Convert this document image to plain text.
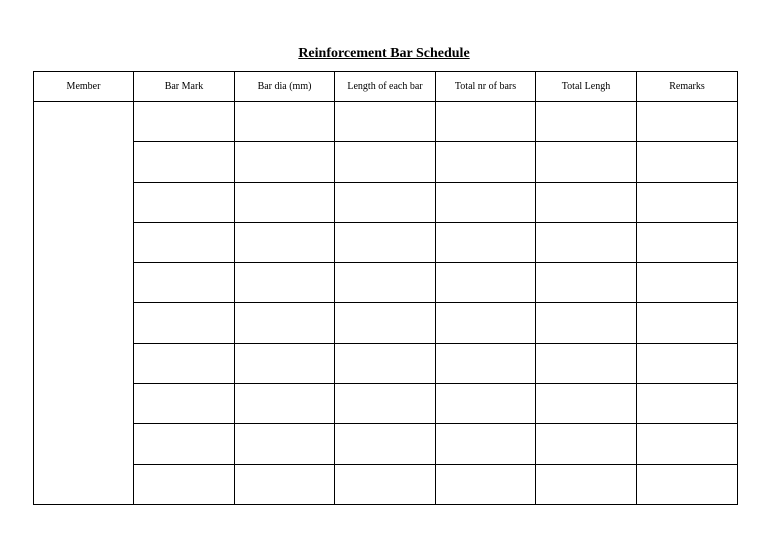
Reinforcement Bar Schedule
Member	Bar Mark	Bar dia (mm)	Length of each bar	Total nr of bars	Total Lengh	Remarks
